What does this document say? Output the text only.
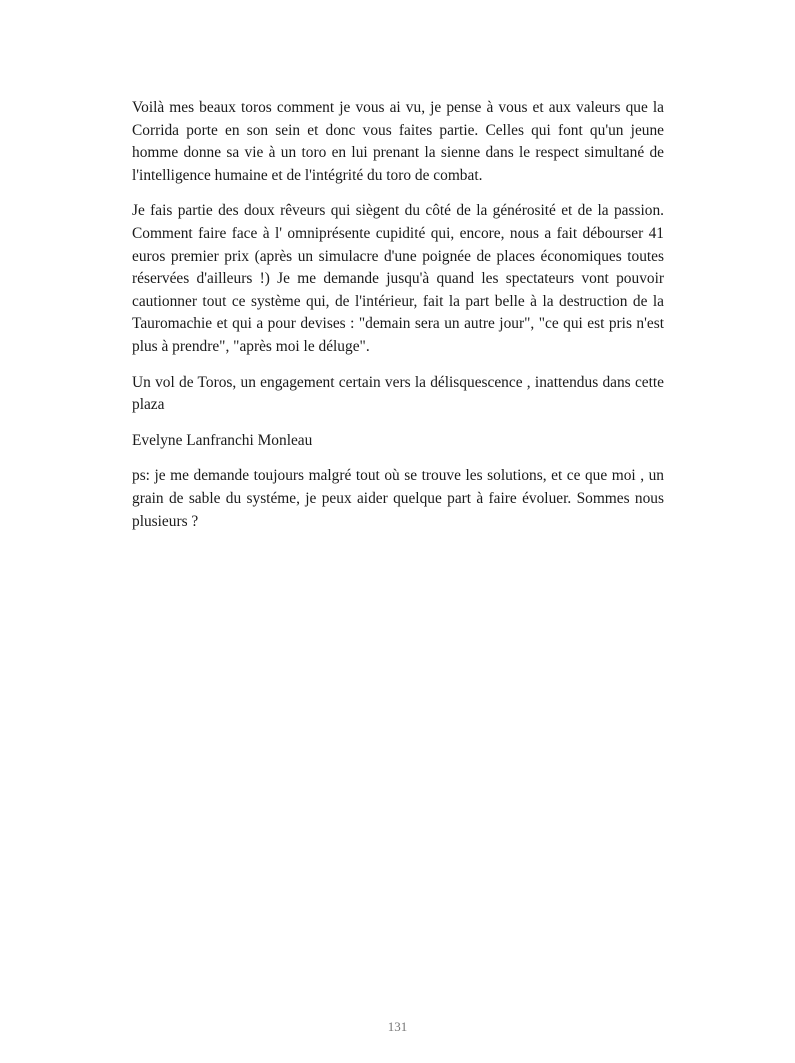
Voilà mes beaux toros comment je vous ai vu, je pense à vous et aux valeurs que la Corrida porte en son sein et donc vous faites partie. Celles qui font qu'un jeune homme donne sa vie à un toro en lui prenant la sienne dans le respect simultané de l'intelligence humaine et de l'intégrité du toro de combat.

Je fais partie des doux rêveurs qui siègent du côté de la générosité et de la passion. Comment faire face à l' omniprésente cupidité qui, encore, nous a fait débourser 41 euros premier prix (après un simulacre d'une poignée de places économiques toutes réservées d'ailleurs !) Je me demande jusqu'à quand les spectateurs vont pouvoir cautionner tout ce système qui, de l'intérieur, fait la part belle à la destruction de la Tauromachie et qui a pour devises : "demain sera un autre jour", "ce qui est pris n'est plus à prendre", "après moi le déluge".

Un vol de Toros, un engagement certain vers la délisquescence , inattendus dans cette plaza

Evelyne Lanfranchi Monleau

ps: je me demande toujours malgré tout où se trouve les solutions, et ce que moi , un grain de sable du systéme, je peux aider quelque part à faire évoluer. Sommes nous plusieurs ?

131
